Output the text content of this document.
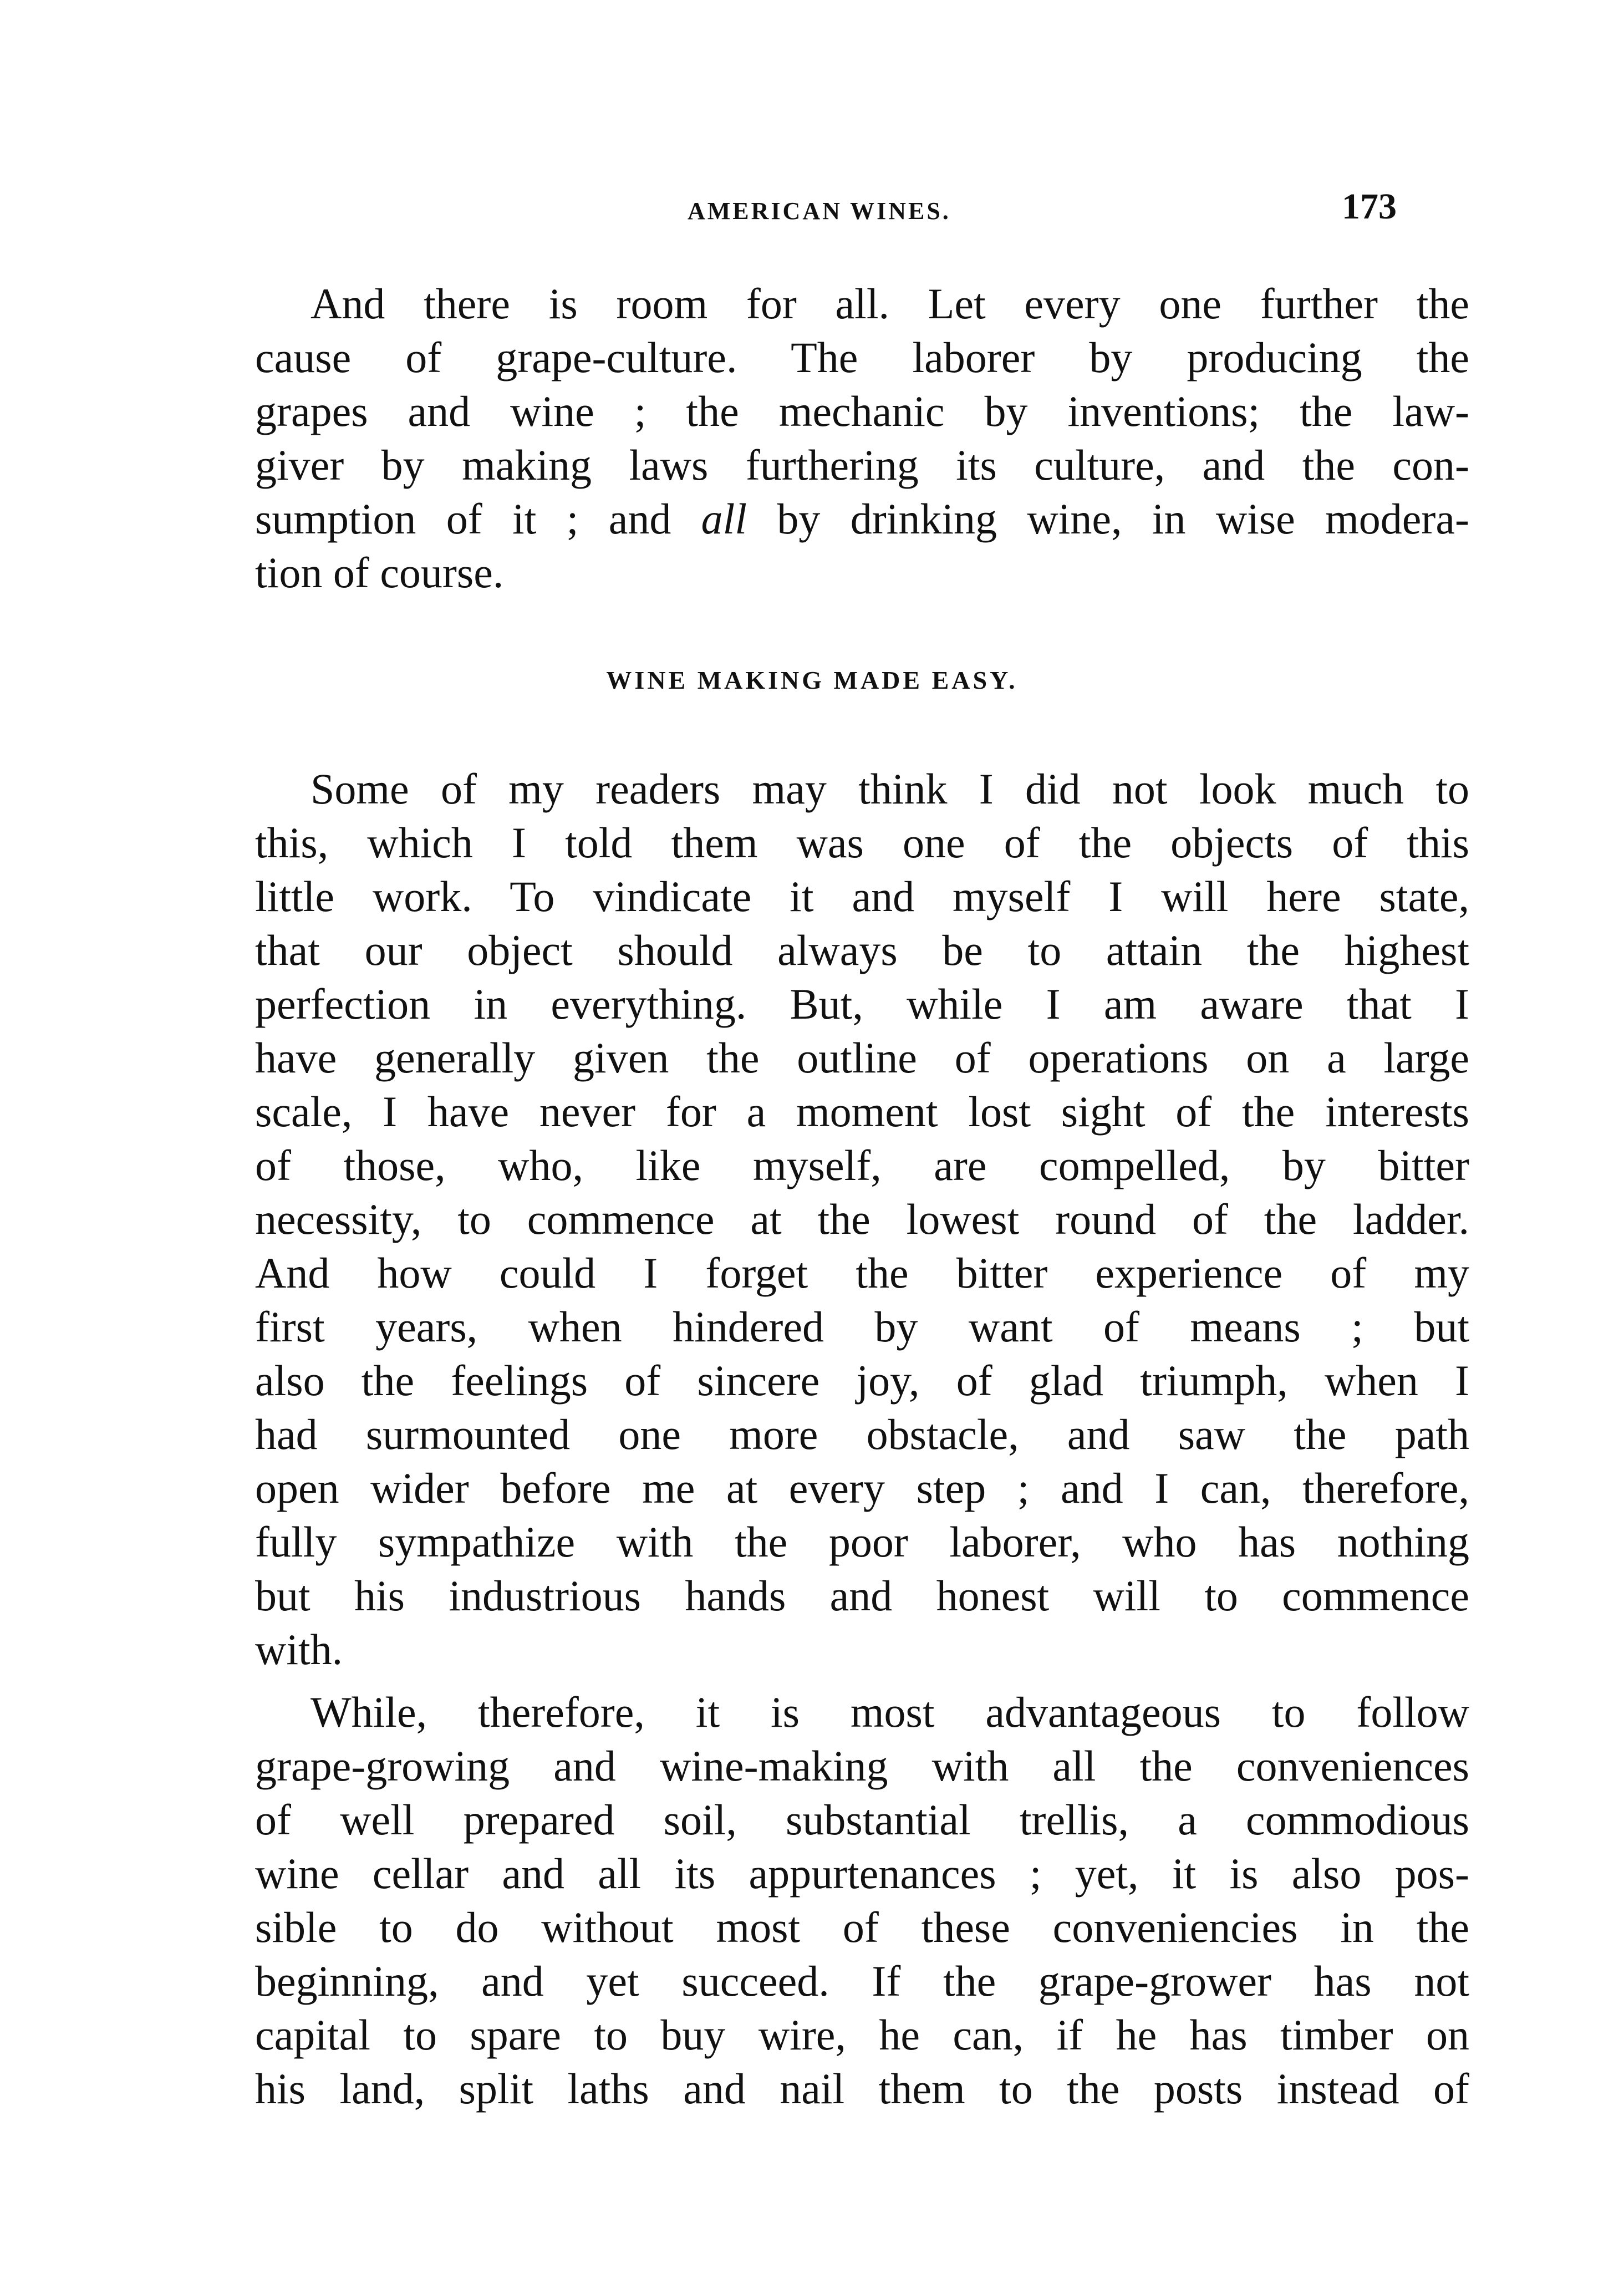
AMERICAN WINES.	173
And there is room for all. Let every one further the
cause of grape-culture. The laborer by producing the
grapes and wine ; the mechanic by inventions; the law-
giver by making laws furthering its culture, and the con-
sumption of it ; and all by drinking wine, in wise modera-
tion of course.
WINE MAKING MADE EASY.
Some of my readers may think I did not look much to
this, which I told them was one of the objects of this
little work. To vindicate it and myself I will here state,
that our object should always be to attain the highest
perfection in everything. But, while I am aware that I
have generally given the outline of operations on a large
scale, I have never for a moment lost sight of the interests
of those, who, like myself, are compelled, by bitter
necessity, to commence at the lowest round of the ladder.
And how could I forget the bitter experience of my
first years, when hindered by want of means ; but
also the feelings of sincere joy, of glad triumph, when I
had surmounted one more obstacle, and saw the path
open wider before me at every step ; and I can, therefore,
fully sympathize with the poor laborer, who has nothing
but his industrious hands and honest will to commence
with.
While, therefore, it is most advantageous to follow
grape-growing and wine-making with all the conveniences
of well prepared soil, substantial trellis, a commodious
wine cellar and all its appurtenances ; yet, it is also pos-
sible to do without most of these conveniencies in the
beginning, and yet succeed. If the grape-grower has not
capital to spare to buy wire, he can, if he has timber on
his land, split laths and nail them to the posts instead of
